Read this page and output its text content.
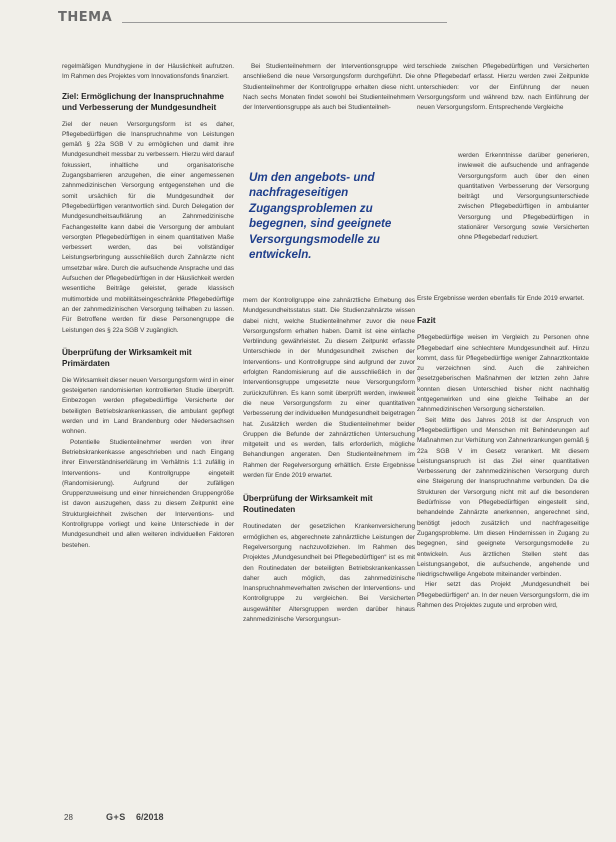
THEMA

regelmäßigen Mundhygiene in der Häuslichkeit aufrutzen. Im Rahmen des Projektes vom Innovationsfonds finanziert.

Ziel: Ermöglichung der Inanspruchnahme und Verbesserung der Mundgesundheit

Ziel der neuen Versorgungsform ist es daher, Pflegebedürftigen die Inanspruchnahme von Leistungen gemäß § 22a SGB V zu ermöglichen und damit ihre Mundgesundheit messbar zu verbessern. Hierzu wird darauf fokussiert, inhaltliche und organisatorische Zugangsbarrieren anzugehen, die einer angemessenen zahnmedizinischen Versorgung entgegenstehen und die somit ursächlich für die Mundgesundheit der Pflegebedürftigen verantwortlich sind. Durch Delegation der Mundgesundheitsaufklärung an Zahnmedizinische Fachangestellte kann dabei die Versorgung der ambulant versorgten Pflegebedürftigen in einem quantitativen Maße verbessert werden, das bei vollständiger Leistungserbringung ausschließlich durch Zahnärzte nicht umsetzbar wäre. Durch die aufsuchende Ansprache und das Aufsuchen der Pflegebedürftigen in der Häuslichkeit werden wesentliche Beiträge geleistet, gerade klassisch multimorbide und mobilitätseingeschränkte Pflegebedürftige an der zahnmedizinischen Versorgung teilhaben zu lassen. Für Betroffene werden für diese Personengruppe die Leistungen des § 22a SGB V zugänglich.

Überprüfung der Wirksamkeit mit Primärdaten

Die Wirksamkeit dieser neuen Versorgungsform wird in einer gesteigerten randomisierten kontrollierten Studie überprüft. Einbezogen werden pflegebedürftige Versicherte der beteiligten Betriebskrankenkassen, die ambulant gepflegt werden und im Land Brandenburg oder Niedersachsen wohnen.

Potentielle Studienteilnehmer werden von ihrer Betriebskrankenkasse angeschrieben und nach Eingang ihrer Einverständniserklärung im Verhältnis 1:1 zufällig in Interventions- und Kontrollgruppe eingeteilt (Randomisierung). Aufgrund der zufälligen Gruppenzuweisung und einer hinreichenden Gruppengröße ist davon auszugehen, dass zu diesem Zeitpunkt eine Strukturgleichheit zwischen der Interventions- und Kontrollgruppe vorliegt und keine Unterschiede in der Mundgesundheit und allen weiteren individuellen Faktoren bestehen.

Bei Studienteilnehmern der Interventionsgruppe wird anschließend die neue Versorgungsform durchgeführt. Die Studienteilnehmer der Kontrollgruppe erhalten diese nicht. Nach sechs Monaten findet sowohl bei Studienteilnehmern der Interventionsgruppe als auch bei Studienteilneh-

Um den angebots- und nachfrageseitigen Zugangsproblemen zu begegnen, sind geeignete Versorgungsmodelle zu entwickeln.

mern der Kontrollgruppe eine zahnärztliche Erhebung des Mundgesundheitsstatus statt. Die Studienzahnärzte wissen dabei nicht, welche Studienteilnehmer zuvor die neue Versorgungsform erhalten haben. Damit ist eine einfache Verblindung gewährleistet. Zu diesem Zeitpunkt erfasste Unterschiede in der Mundgesundheit zwischen der Interventions- und Kontrollgruppe sind aufgrund der zuvor erfolgten Randomisierung auf die ausschließlich in der Interventionsgruppe umgesetzte neue Versorgungsform zurückzuführen. Es kann somit überprüft werden, inwieweit die neue Versorgungsform zu einer quantitativen Verbesserung der individuellen Mundgesundheit beigetragen hat. Zusätzlich werden die Studienteilnehmer beider Gruppen die Befunde der zahnärztlichen Untersuchung mitgeteilt und es werden, falls erforderlich, mögliche Behandlungen angeraten. Den Studienteilnehmern im Rahmen der Regelversorgung erhältlich. Erste Ergebnisse werden für Ende 2019 erwartet.

Überprüfung der Wirksamkeit mit Routinedaten

Routinedaten der gesetzlichen Krankenversicherung ermöglichen es, abgerechnete zahnärztliche Leistungen der Regelversorgung nachzuvollziehen. Im Rahmen des Projektes „Mundgesundheit bei Pflegebedürftigen“ ist es mit den Routinedaten der beteiligten Betriebskrankenkassen daher auch möglich, das zahnmedizinische Inanspruchnahmeverhalten zwischen der Interventions- und Kontrollgruppe zu vergleichen. Bei Versicherten ausgewählter Altersgruppen werden darüber hinaus zahnmedizinische Versorgungsun-

terschiede zwischen Pflegebedürftigen und Versicherten ohne Pflegebedarf erfasst. Hierzu werden zwei Zeitpunkte unterschieden: vor der Einführung der neuen Versorgungsform und während bzw. nach Einführung der neuen Versorgungsform. Entsprechende Vergleiche

werden Erkenntnisse darüber generieren, inwieweit die aufsuchende und anfragende Versorgungsform auch über den einen quantitativen Verbesserung der Versorgung beiträgt und Versorgungsunterschiede zwischen Pflegebedürftigen in ambulanter Versorgung und Pflegebedürftigen in stationärer Versorgung sowie Versicherten ohne Pflegebedarf reduziert.

Erste Ergebnisse werden ebenfalls für Ende 2019 erwartet.

Fazit

Pflegebedürftige weisen im Vergleich zu Personen ohne Pflegebedarf eine schlechtere Mundgesundheit auf. Hinzu kommt, dass für Pflegebedürftige weniger Zahnarztkontakte zu verzeichnen sind. Auch die zahlreichen gesetzgeberischen Maßnahmen der letzten zehn Jahre konnten diesen Unterschied bisher nicht nachhaltig entgegenwirken und eine gleiche Teilhabe an der zahnmedizinischen Versorgung sicherstellen.

Seit Mitte des Jahres 2018 ist der Anspruch von Pflegebedürftigen und Menschen mit Behinderungen auf Maßnahmen zur Verhütung von Zahnerkrankungen gemäß § 22a SGB V im Gesetz verankert. Mit diesem Leistungsanspruch ist das Ziel einer quantitativen Verbesserung der zahnmedizinischen Versorgung durch eine Steigerung der Inanspruchnahme verbunden. Da die Strukturen der Versorgung nicht mit auf die besonderen Bedürfnisse von Pflegebedürftigen eingestellt sind, behandelnde Zahnärzte anerkennen, angerechnet sind, benötigt jedoch zusätzlich und nachfrageseitige Zugangsprobleme. Um diesen Hindernissen in Zugang zu begegnen, sind geeignete Versorgungsmodelle zu entwickeln. Aus ärztlichen Stellen steht das Leistungsangebot, die aufsuchende, angehende und niedrigschwellige Angebote miteinander verbinden.

Hier setzt das Projekt „Mundgesundheit bei Pflegebedürftigen“ an. In der neuen Versorgungsform, die im Rahmen des Projektes zugute und erproben wird,

28	G+S 6/2018
